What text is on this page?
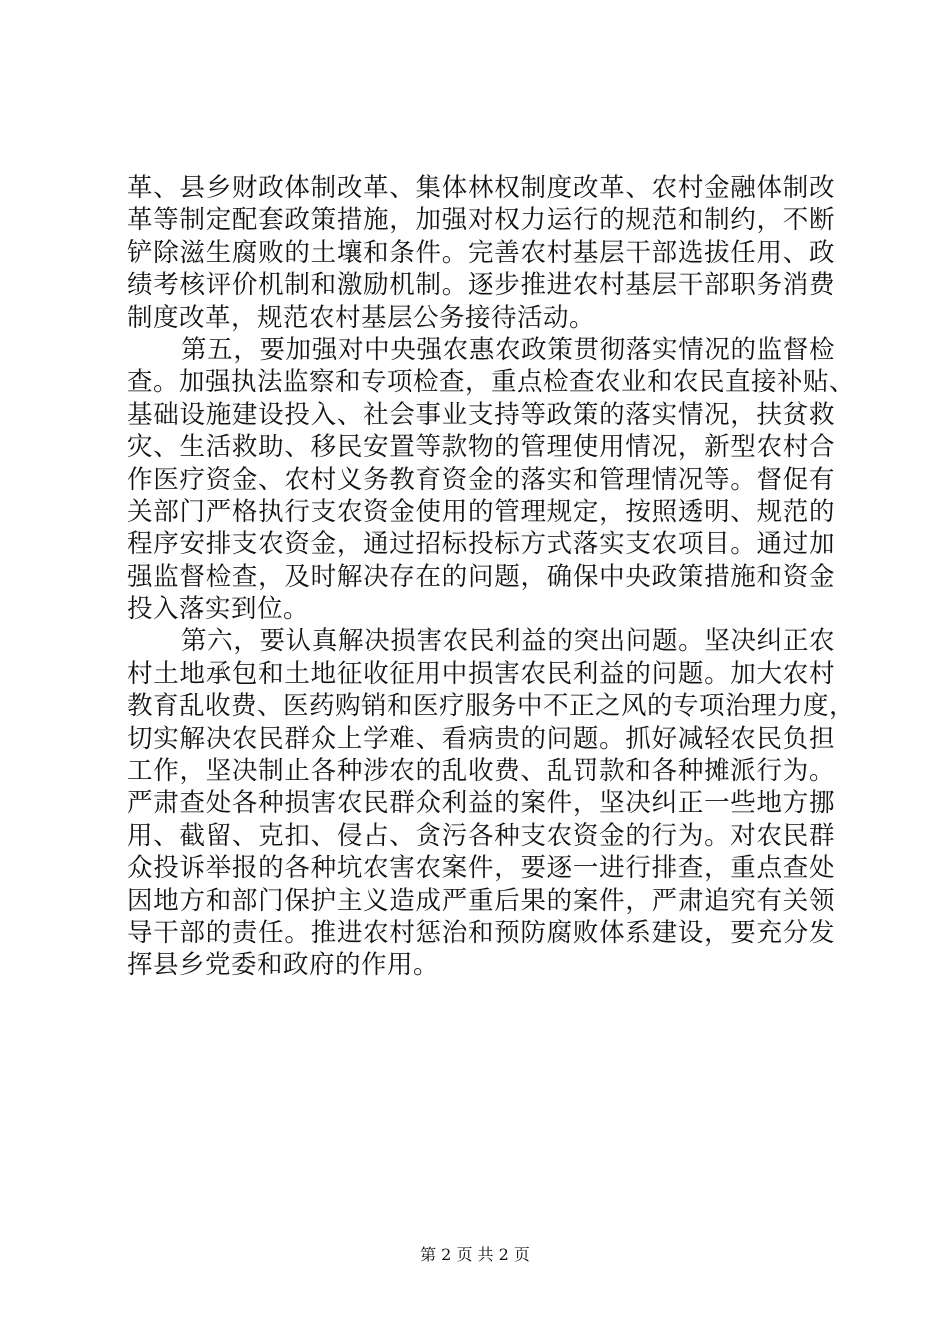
革、县乡财政体制改革、集体林权制度改革、农村金融体制改
革等制定配套政策措施，加强对权力运行的规范和制约，不断
铲除滋生腐败的土壤和条件。完善农村基层干部选拔任用、政
绩考核评价机制和激励机制。逐步推进农村基层干部职务消费
制度改革，规范农村基层公务接待活动。
第五，要加强对中央强农惠农政策贯彻落实情况的监督检
查。加强执法监察和专项检查，重点检查农业和农民直接补贴、
基础设施建设投入、社会事业支持等政策的落实情况，扶贫救
灾、生活救助、移民安置等款物的管理使用情况，新型农村合
作医疗资金、农村义务教育资金的落实和管理情况等。督促有
关部门严格执行支农资金使用的管理规定，按照透明、规范的
程序安排支农资金，通过招标投标方式落实支农项目。通过加
强监督检查，及时解决存在的问题，确保中央政策措施和资金
投入落实到位。
第六，要认真解决损害农民利益的突出问题。坚决纠正农
村土地承包和土地征收征用中损害农民利益的问题。加大农村
教育乱收费、医药购销和医疗服务中不正之风的专项治理力度，
切实解决农民群众上学难、看病贵的问题。抓好减轻农民负担
工作，坚决制止各种涉农的乱收费、乱罚款和各种摊派行为。
严肃查处各种损害农民群众利益的案件，坚决纠正一些地方挪
用、截留、克扣、侵占、贪污各种支农资金的行为。对农民群
众投诉举报的各种坑农害农案件，要逐一进行排查，重点查处
因地方和部门保护主义造成严重后果的案件，严肃追究有关领
导干部的责任。推进农村惩治和预防腐败体系建设，要充分发
挥县乡党委和政府的作用。
第 2 页 共 2 页
